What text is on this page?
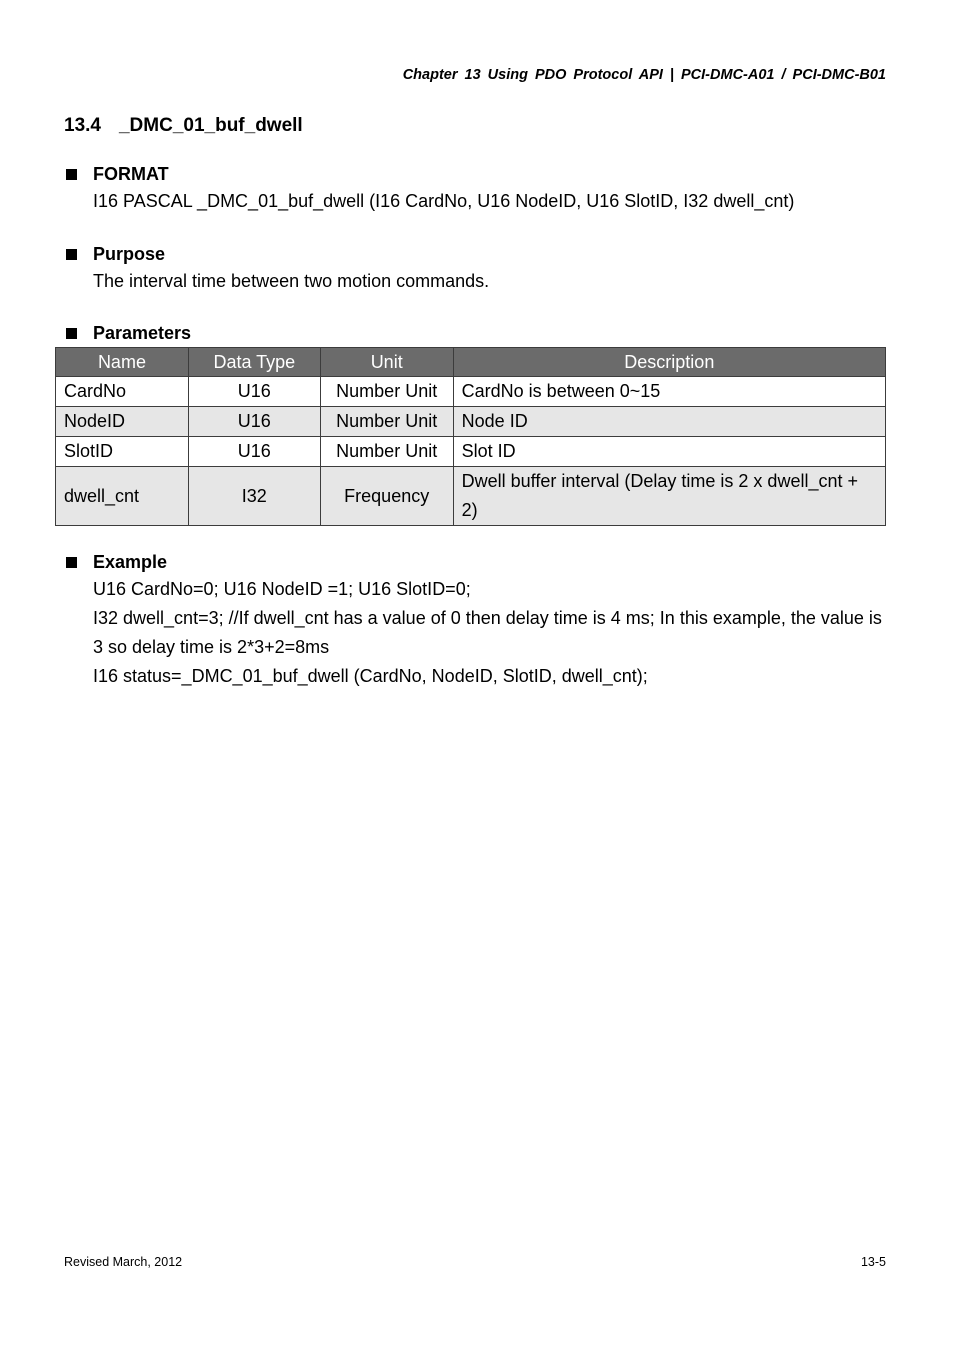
Chapter 13 Using PDO Protocol API | PCI-DMC-A01 / PCI-DMC-B01
13.4 _DMC_01_buf_dwell
FORMAT
I16 PASCAL _DMC_01_buf_dwell (I16 CardNo, U16 NodeID, U16 SlotID, I32 dwell_cnt)
Purpose
The interval time between two motion commands.
Parameters
Name	Data Type	Unit	Description
CardNo	U16	Number Unit	CardNo is between 0~15
NodeID	U16	Number Unit	Node ID
SlotID	U16	Number Unit	Slot ID
dwell_cnt	I32	Frequency	Dwell buffer interval (Delay time is 2 x dwell_cnt + 2)
Example
U16 CardNo=0; U16 NodeID =1; U16 SlotID=0;
I32 dwell_cnt=3; //If dwell_cnt has a value of 0 then delay time is 4 ms; In this example, the value is 3 so delay time is 2*3+2=8ms
I16 status=_DMC_01_buf_dwell (CardNo, NodeID, SlotID, dwell_cnt);
Revised March, 2012	13-5
